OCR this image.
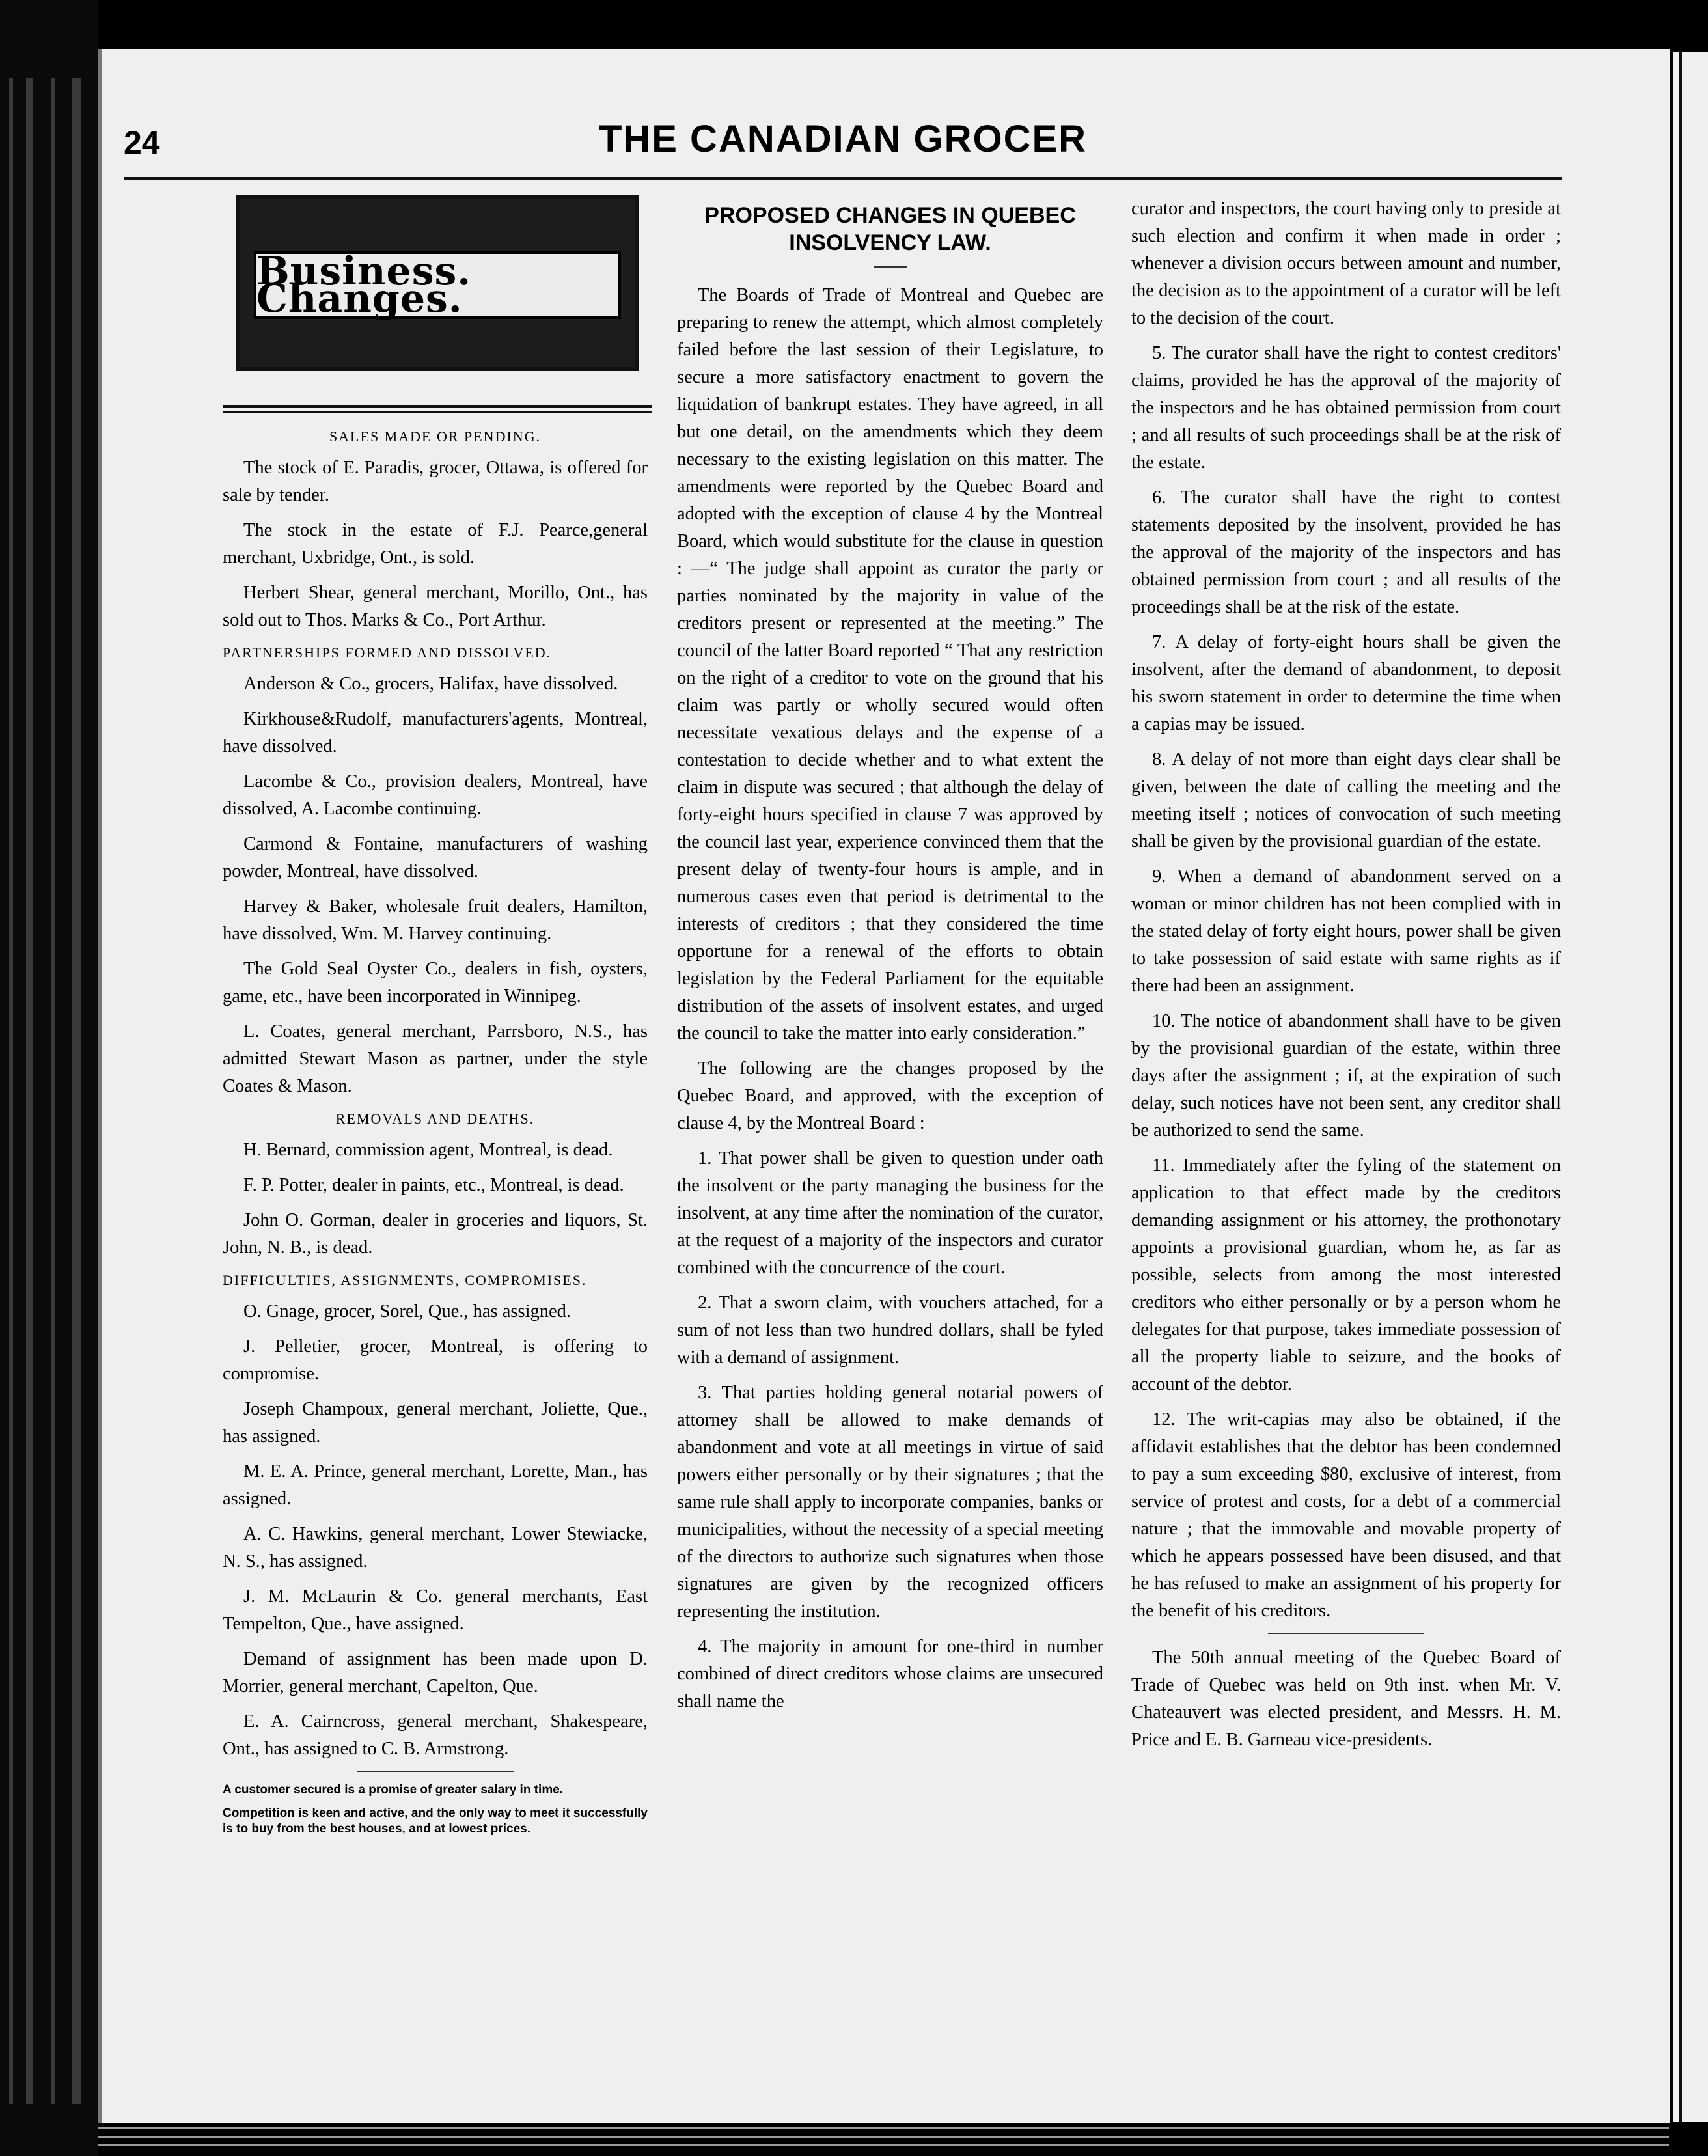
24	THE CANADIAN GROCER
Business. Changes.
SALES MADE OR PENDING.

The stock of E. Paradis, grocer, Ottawa, is offered for sale by tender.

The stock in the estate of F.J. Pearce,general merchant, Uxbridge, Ont., is sold.

Herbert Shear, general merchant, Morillo, Ont., has sold out to Thos. Marks & Co., Port Arthur.

PARTNERSHIPS FORMED AND DISSOLVED.

Anderson & Co., grocers, Halifax, have dissolved.

Kirkhouse&Rudolf, manufacturers'agents, Montreal, have dissolved.

Lacombe & Co., provision dealers, Montreal, have dissolved, A. Lacombe continuing.

Carmond & Fontaine, manufacturers of washing powder, Montreal, have dissolved.

Harvey & Baker, wholesale fruit dealers, Hamilton, have dissolved, Wm. M. Harvey continuing.

The Gold Seal Oyster Co., dealers in fish, oysters, game, etc., have been incorporated in Winnipeg.

L. Coates, general merchant, Parrsboro, N.S., has admitted Stewart Mason as partner, under the style Coates & Mason.

REMOVALS AND DEATHS.

H. Bernard, commission agent, Montreal, is dead.

F. P. Potter, dealer in paints, etc., Montreal, is dead.

John O. Gorman, dealer in groceries and liquors, St. John, N. B., is dead.

DIFFICULTIES, ASSIGNMENTS, COMPROMISES.

O. Gnage, grocer, Sorel, Que., has assigned.

J. Pelletier, grocer, Montreal, is offering to compromise.

Joseph Champoux, general merchant, Joliette, Que., has assigned.

M. E. A. Prince, general merchant, Lorette, Man., has assigned.

A. C. Hawkins, general merchant, Lower Stewiacke, N. S., has assigned.

J. M. McLaurin & Co. general merchants, East Tempelton, Que., have assigned.

Demand of assignment has been made upon D. Morrier, general merchant, Capelton, Que.

E. A. Cairncross, general merchant, Shakespeare, Ont., has assigned to C. B. Armstrong.

A customer secured is a promise of greater salary in time.

Competition is keen and active, and the only way to meet it successfully is to buy from the best houses, and at lowest prices.

PROPOSED CHANGES IN QUEBEC INSOLVENCY LAW.

The Boards of Trade of Montreal and Quebec are preparing to renew the attempt, which almost completely failed before the last session of their Legislature, to secure a more satisfactory enactment to govern the liquidation of bankrupt estates. They have agreed, in all but one detail, on the amendments which they deem necessary to the existing legislation on this matter. The amendments were reported by the Quebec Board and adopted with the exception of clause 4 by the Montreal Board, which would substitute for the clause in question : —“ The judge shall appoint as curator the party or parties nominated by the majority in value of the creditors present or represented at the meeting.” The council of the latter Board reported “ That any restriction on the right of a creditor to vote on the ground that his claim was partly or wholly secured would often necessitate vexatious delays and the expense of a contestation to decide whether and to what extent the claim in dispute was secured ; that although the delay of forty-eight hours specified in clause 7 was approved by the council last year, experience convinced them that the present delay of twenty-four hours is ample, and in numerous cases even that period is detrimental to the interests of creditors ; that they considered the time opportune for a renewal of the efforts to obtain legislation by the Federal Parliament for the equitable distribution of the assets of insolvent estates, and urged the council to take the matter into early consideration.”

The following are the changes proposed by the Quebec Board, and approved, with the exception of clause 4, by the Montreal Board :

1. That power shall be given to question under oath the insolvent or the party managing the business for the insolvent, at any time after the nomination of the curator, at the request of a majority of the inspectors and curator combined with the concurrence of the court.

2. That a sworn claim, with vouchers attached, for a sum of not less than two hundred dollars, shall be fyled with a demand of assignment.

3. That parties holding general notarial powers of attorney shall be allowed to make demands of abandonment and vote at all meetings in virtue of said powers either personally or by their signatures ; that the same rule shall apply to incorporate companies, banks or municipalities, without the necessity of a special meeting of the directors to authorize such signatures when those signatures are given by the recognized officers representing the institution.

4. The majority in amount for one-third in number combined of direct creditors whose claims are unsecured shall name the

curator and inspectors, the court having only to preside at such election and confirm it when made in order ; whenever a division occurs between amount and number, the decision as to the appointment of a curator will be left to the decision of the court.

5. The curator shall have the right to contest creditors' claims, provided he has the approval of the majority of the inspectors and he has obtained permission from court ; and all results of such proceedings shall be at the risk of the estate.

6. The curator shall have the right to contest statements deposited by the insolvent, provided he has the approval of the majority of the inspectors and has obtained permission from court ; and all results of the proceedings shall be at the risk of the estate.

7. A delay of forty-eight hours shall be given the insolvent, after the demand of abandonment, to deposit his sworn statement in order to determine the time when a capias may be issued.

8. A delay of not more than eight days clear shall be given, between the date of calling the meeting and the meeting itself ; notices of convocation of such meeting shall be given by the provisional guardian of the estate.

9. When a demand of abandonment served on a woman or minor children has not been complied with in the stated delay of forty eight hours, power shall be given to take possession of said estate with same rights as if there had been an assignment.

10. The notice of abandonment shall have to be given by the provisional guardian of the estate, within three days after the assignment ; if, at the expiration of such delay, such notices have not been sent, any creditor shall be authorized to send the same.

11. Immediately after the fyling of the statement on application to that effect made by the creditors demanding assignment or his attorney, the prothonotary appoints a provisional guardian, whom he, as far as possible, selects from among the most interested creditors who either personally or by a person whom he delegates for that purpose, takes immediate possession of all the property liable to seizure, and the books of account of the debtor.

12. The writ-capias may also be obtained, if the affidavit establishes that the debtor has been condemned to pay a sum exceeding $80, exclusive of interest, from service of protest and costs, for a debt of a commercial nature ; that the immovable and movable property of which he appears possessed have been disused, and that he has refused to make an assignment of his property for the benefit of his creditors.

The 50th annual meeting of the Quebec Board of Trade of Quebec was held on 9th inst. when Mr. V. Chateauvert was elected president, and Messrs. H. M. Price and E. B. Garneau vice-presidents.
